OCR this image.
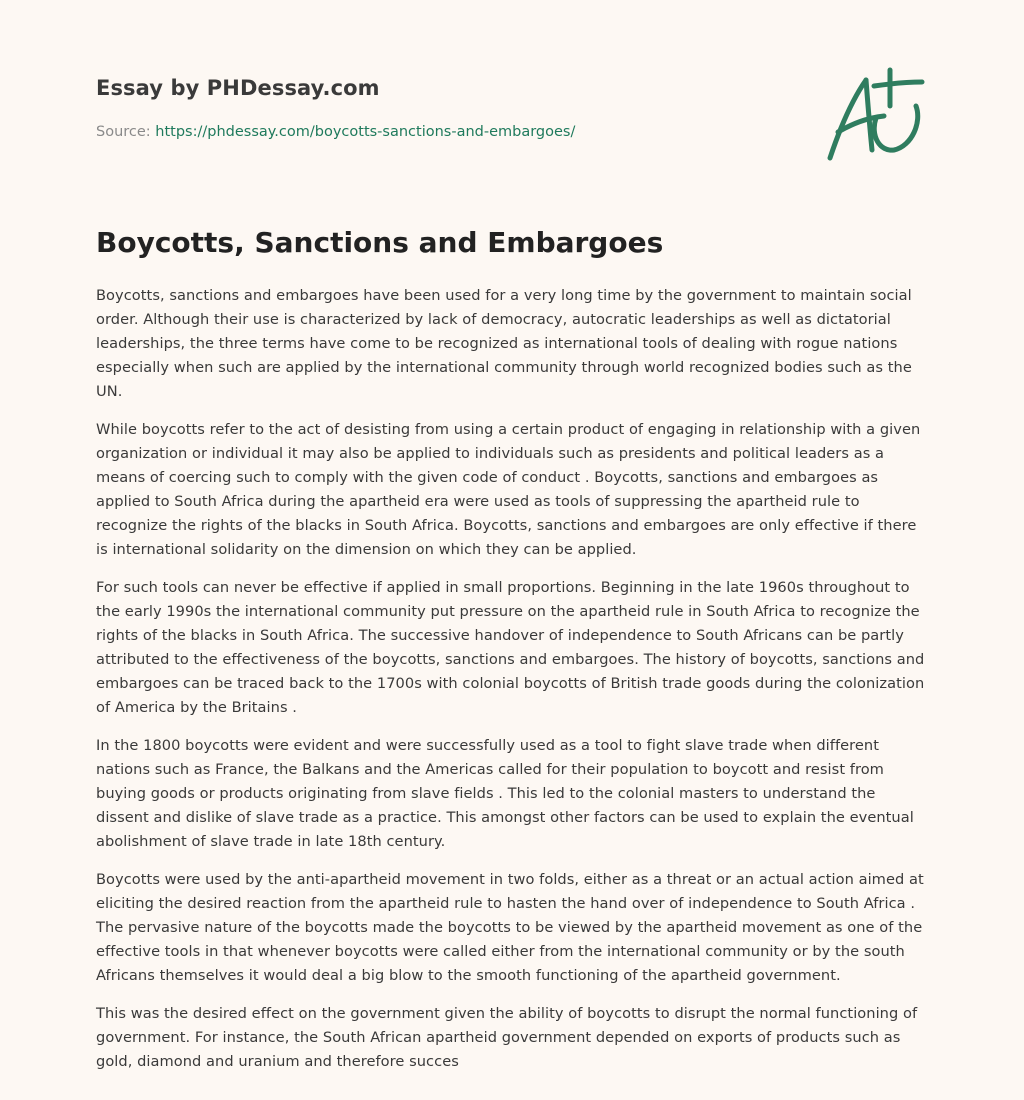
Essay by PHDessay.com
Source: https://phdessay.com/boycotts-sanctions-and-embargoes/
Boycotts, Sanctions and Embargoes

Boycotts, sanctions and embargoes have been used for a very long time by the government to maintain social order. Although their use is characterized by lack of democracy, autocratic leaderships as well as dictatorial leaderships, the three terms have come to be recognized as international tools of dealing with rogue nations especially when such are applied by the international community through world recognized bodies such as the UN.

While boycotts refer to the act of desisting from using a certain product of engaging in relationship with a given organization or individual it may also be applied to individuals such as presidents and political leaders as a means of coercing such to comply with the given code of conduct . Boycotts, sanctions and embargoes as applied to South Africa during the apartheid era were used as tools of suppressing the apartheid rule to recognize the rights of the blacks in South Africa. Boycotts, sanctions and embargoes are only effective if there is international solidarity on the dimension on which they can be applied.

For such tools can never be effective if applied in small proportions. Beginning in the late 1960s throughout to the early 1990s the international community put pressure on the apartheid rule in South Africa to recognize the rights of the blacks in South Africa. The successive handover of independence to South Africans can be partly attributed to the effectiveness of the boycotts, sanctions and embargoes. The history of boycotts, sanctions and embargoes can be traced back to the 1700s with colonial boycotts of British trade goods during the colonization of America by the Britains .

In the 1800 boycotts were evident and were successfully used as a tool to fight slave trade when different nations such as France, the Balkans and the Americas called for their population to boycott and resist from buying goods or products originating from slave fields . This led to the colonial masters to understand the dissent and dislike of slave trade as a practice. This amongst other factors can be used to explain the eventual abolishment of slave trade in late 18th century.

Boycotts were used by the anti-apartheid movement in two folds, either as a threat or an actual action aimed at eliciting the desired reaction from the apartheid rule to hasten the hand over of independence to South Africa . The pervasive nature of the boycotts made the boycotts to be viewed by the apartheid movement as one of the effective tools in that whenever boycotts were called either from the international community or by the south Africans themselves it would deal a big blow to the smooth functioning of the apartheid government.

This was the desired effect on the government given the ability of boycotts to disrupt the normal functioning of government. For instance, the South African apartheid government depended on exports of products such as gold, diamond and uranium and therefore succes
